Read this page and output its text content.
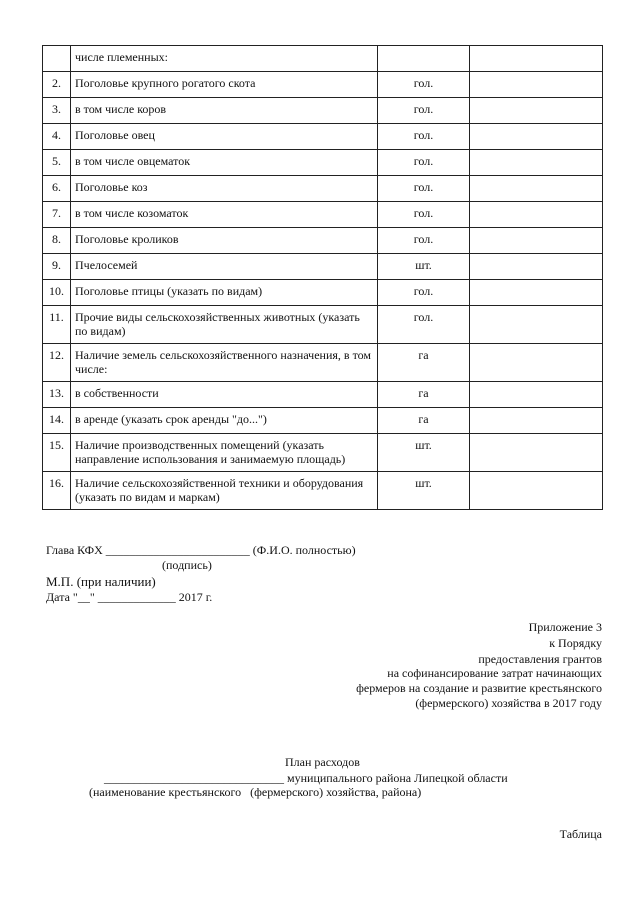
	числе племенных:		
2.	Поголовье крупного рогатого скота	гол.	
3.	в том числе коров	гол.	
4.	Поголовье овец	гол.	
5.	в том числе овцематок	гол.	
6.	Поголовье коз	гол.	
7.	в том числе козоматок	гол.	
8.	Поголовье кроликов	гол.	
9.	Пчелосемей	шт.	
10.	Поголовье птицы (указать по видам)	гол.	
11.	Прочие виды сельскохозяйственных животных (указать по видам)	гол.	
12.	Наличие земель сельскохозяйственного назначения, в том числе:	га	
13.	в собственности	га	
14.	в аренде (указать срок аренды "до...")	га	
15.	Наличие производственных помещений (указать направление использования и занимаемую площадь)	шт.	
16.	Наличие сельскохозяйственной техники и оборудования (указать по видам и маркам)	шт.	
Глава КФХ ________________________ (Ф.И.О. полностью)
(подпись)
М.П. (при наличии)
Дата "__" _____________ 2017 г.
Приложение 3
к Порядку
предоставления грантов
на софинансирование затрат начинающих
фермеров на создание и развитие крестьянского
(фермерского) хозяйства в 2017 году
План расходов
______________________________ муниципального района Липецкой области
(наименование крестьянского   (фермерского) хозяйства, района)
Таблица
